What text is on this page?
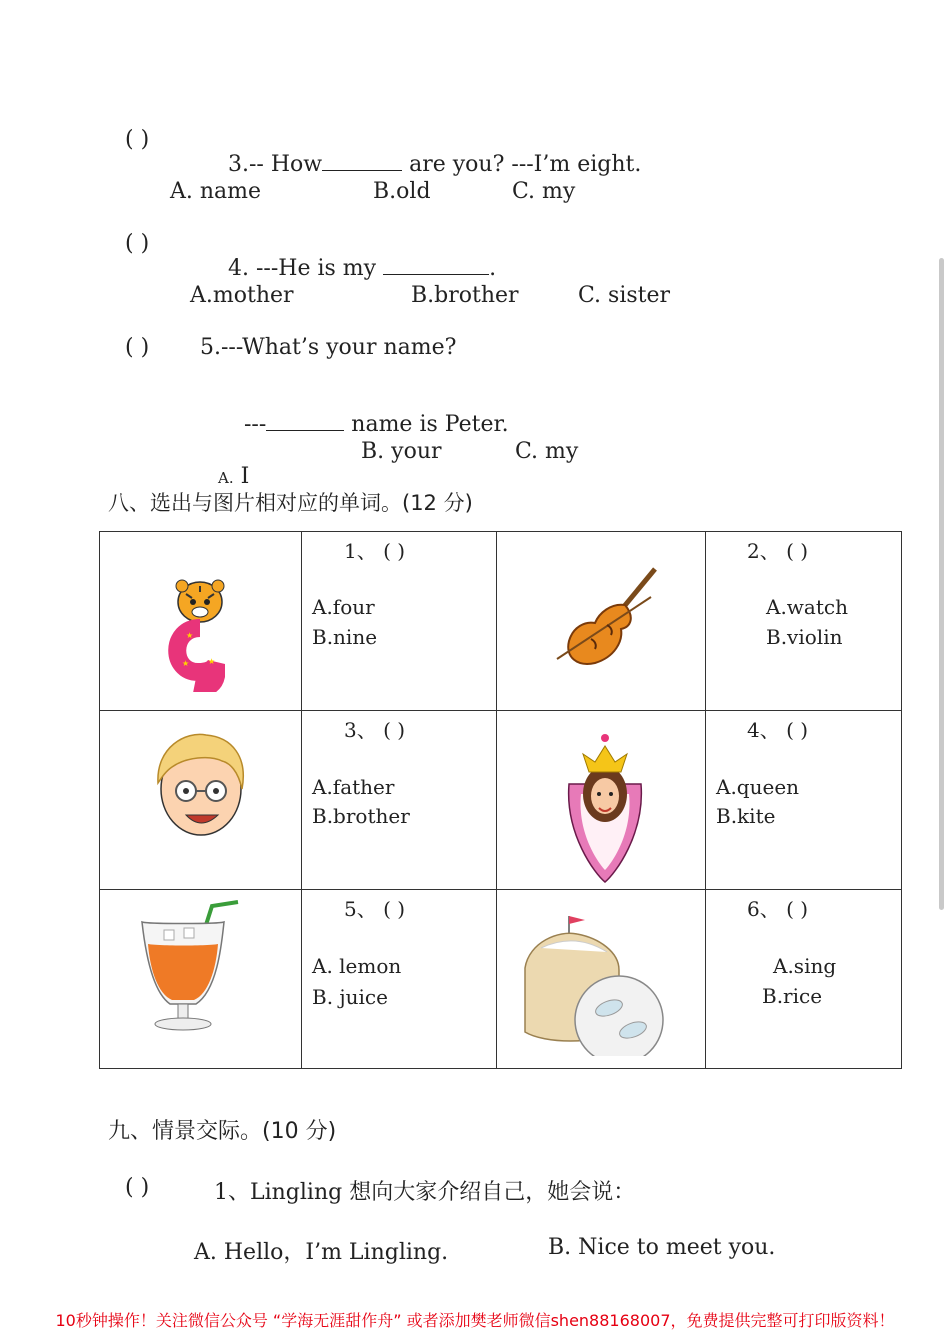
( )

3.-- How	are you? ---I’m eight.

A. name	B.old	C. my
( )

4. ---He is my	.

A.mother	B.brother	C. sister
( ) 5.---What’s your name?

---	name is Peter.

A. I

B. your	C. my
八、选出与图片相对应的单词。(12 分)
★
★
★
1、 ( )
A.four
B.nine
2、 ( )
A.watch
B.violin
3、 ( )
A.father
B.brother
4、 ( )
A.queen
B.kite
5、 ( )
A. lemon
B. juice
6、 ( )
A.sing
B.rice
九、情景交际。(10 分)
( )	1、Lingling 想向大家介绍自己，她会说：
A. Hello，I’m Lingling.	B. Nice to meet you.
10秒钟操作！关注微信公众号 “学海无涯甜作舟” 或者添加樊老师微信shen88168007，免费提供完整可打印版资料！
